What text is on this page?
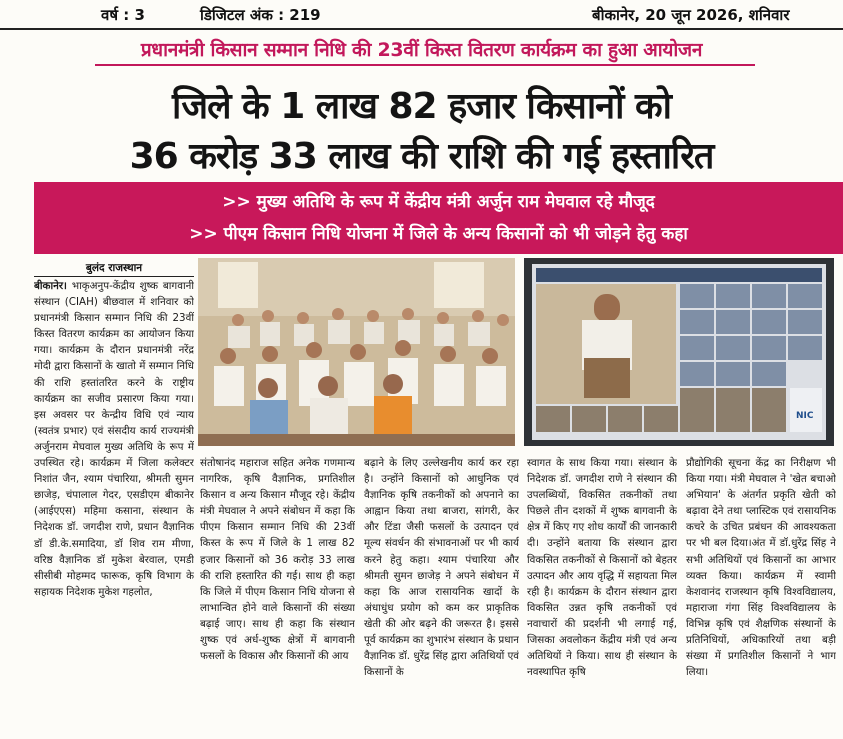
वर्ष : 3	डिजिटल अंक : 219	बीकानेर, 20 जून 2026, शनिवार
प्रधानमंत्री किसान सम्मान निधि की 23वीं किस्त वितरण कार्यक्रम का हुआ आयोजन
जिले के 1 लाख 82 हजार किसानों को
36 करोड़ 33 लाख की राशि की गई हस्तारित
>> मुख्य अतिथि के रूप में केंद्रीय मंत्री अर्जुन राम मेघवाल रहे मौजूद
>> पीएम किसान निधि योजना में जिले के अन्य किसानों को भी जोड़ने हेतु कहा
बुलंद राजस्थान
बीकानेर। भाकृअनुप-केंद्रीय शुष्क बागवानी संस्थान (CIAH) बीछवाल में शनिवार को प्रधानमंत्री किसान सम्मान निधि की 23वीं किस्त वितरण कार्यक्रम का आयोजन किया गया। कार्यक्रम के दौरान प्रधानमंत्री नरेंद्र मोदी द्वारा किसानों के खातो में सम्मान निधि की राशि हस्तांतरित करने के राष्ट्रीय कार्यक्रम का सजीव प्रसारण किया गया। इस अवसर पर केन्द्रीय विधि एवं न्याय (स्वतंत्र प्रभार) एवं संसदीय कार्य राज्यमंत्री अर्जुनराम मेघवाल मुख्य अतिथि के रूप में उपस्थित रहे। कार्यक्रम में जिला कलेक्टर निशांत जैन, श्याम पंचारिया, श्रीमती सुमन छाजेड़, चंपालाल गेदर, एसडीएम बीकानेर (आईएएस) महिमा कसाना, संस्थान के निदेशक डॉ. जगदीश राणे, प्रधान वैज्ञानिक डॉ डी.के.समादिया, डॉ शिव राम मीणा, वरिष्ठ वैज्ञानिक डॉ मुकेश बेरवाल, एमडी सीसीबी मोहम्मद फारूक, कृषि विभाग के सहायक निदेशक मुकेश गहलोत,
NIC
संतोषानंद महाराज सहित अनेक गणमान्य नागरिक, कृषि वैज्ञानिक, प्रगतिशील किसान व अन्य किसान मौजूद रहे। केंद्रीय मंत्री मेघवाल ने अपने संबोधन में कहा कि पीएम किसान सम्मान निधि की 23वीं किस्त के रूप में जिले के 1 लाख 82 हजार किसानों को 36 करोड़ 33 लाख की राशि हस्तारित की गई। साथ ही कहा कि जिले में पीएम किसान निधि योजना से लाभान्वित होने वाले किसानों की संख्या बढ़ाई जाए। साथ ही कहा कि संस्थान शुष्क एवं अर्ध-शुष्क क्षेत्रों में बागवानी फसलों के विकास और किसानों की आय
बढ़ाने के लिए उल्लेखनीय कार्य कर रहा है। उन्होंने किसानों को आधुनिक एवं वैज्ञानिक कृषि तकनीकों को अपनाने का आह्वान किया तथा बाजरा, सांगरी, केर और टिंडा जैसी फसलों के उत्पादन एवं मूल्य संवर्धन की संभावनाओं पर भी कार्य करने हेतु कहा। श्याम पंचारिया और श्रीमती सुमन छाजेड़ ने अपने संबोधन में कहा कि आज रासायनिक खादों के अंधाधुंध प्रयोग को कम कर प्राकृतिक खेती की ओर बढ़ने की जरूरत है। इससे पूर्व कार्यक्रम का शुभारंभ संस्थान के प्रधान वैज्ञानिक डॉ. धुरेंद्र सिंह द्वारा अतिथियों एवं किसानों के
स्वागत के साथ किया गया। संस्थान के निदेशक डॉ. जगदीश राणे ने संस्थान की उपलब्धियों, विकसित तकनीकों तथा पिछले तीन दशकों में शुष्क बागवानी के क्षेत्र में किए गए शोध कार्यों की जानकारी दी। उन्होंने बताया कि संस्थान द्वारा विकसित तकनीकों से किसानों को बेहतर उत्पादन और आय वृद्धि में सहायता मिल रही है। कार्यक्रम के दौरान संस्थान द्वारा विकसित उन्नत कृषि तकनीकों एवं नवाचारों की प्रदर्शनी भी लगाई गई, जिसका अवलोकन केंद्रीय मंत्री एवं अन्य अतिथियों ने किया। साथ ही संस्थान के नवस्थापित कृषि
प्रौद्योगिकी सूचना केंद्र का निरीक्षण भी किया गया। मंत्री मेघवाल ने 'खेत बचाओ अभियान' के अंतर्गत प्रकृति खेती को बढ़ावा देने तथा प्लास्टिक एवं रासायनिक कचरे के उचित प्रबंधन की आवश्यकता पर भी बल दिया।अंत में डॉ.धुरेंद्र सिंह ने सभी अतिथियों एवं किसानों का आभार व्यक्त किया। कार्यक्रम में स्वामी केशवानंद राजस्थान कृषि विश्वविद्यालय, महाराजा गंगा सिंह विश्वविद्यालय के विभिन्न कृषि एवं शैक्षणिक संस्थानों के प्रतिनिधियों, अधिकारियों तथा बड़ी संख्या में प्रगतिशील किसानों ने भाग लिया।
